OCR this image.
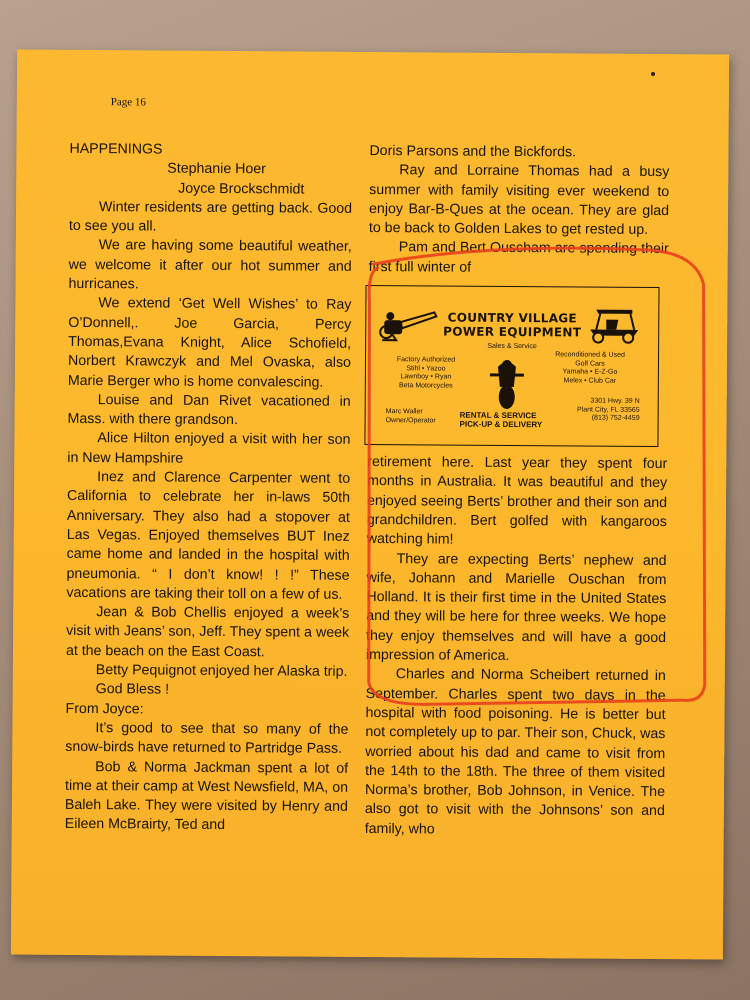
Page 16

HAPPENINGS

Stephanie Hoer
Joyce Brockschmidt

Winter residents are getting back. Good to see you all.

We are having some beautiful weather, we welcome it after our hot summer and hurricanes.

We extend ‘Get Well Wishes’ to Ray O’Donnell,. Joe Garcia, Percy Thomas,Evana Knight, Alice Schofield, Norbert Krawczyk and Mel Ovaska, also Marie Berger who is home convalescing.

Louise and Dan Rivet vacationed in Mass. with there grandson.

Alice Hilton enjoyed a visit with her son in New Hampshire

Inez and Clarence Carpenter went to California to celebrate her in-laws 50th Anniversary. They also had a stopover at Las Vegas. Enjoyed themselves BUT Inez came home and landed in the hospital with pneumonia. “ I don’t know! ! !” These vacations are taking their toll on a few of us.

Jean & Bob Chellis enjoyed a week’s visit with Jeans’ son, Jeff. They spent a week at the beach on the East Coast.

Betty Pequignot enjoyed her Alaska trip.

God Bless !

From Joyce:

It’s good to see that so many of the snow-birds have returned to Partridge Pass.

Bob & Norma Jackman spent a lot of time at their camp at West Newsfield, MA, on Baleh Lake. They were visited by Henry and Eileen McBrairty, Ted and

Doris Parsons and the Bickfords.

Ray and Lorraine Thomas had a busy summer with family visiting ever weekend to enjoy Bar-B-Ques at the ocean. They are glad to be back to Golden Lakes to get rested up.

Pam and Bert Ouscham are spending their first full winter of

COUNTRY VILLAGE
POWER EQUIPMENT
Sales & Service
Factory Authorized
Stihl • Yazoo
Lawnboy • Ryan
Beta Motorcycles
Reconditioned & Used
Golf Cars
Yamaha • E-Z-Go
Melex • Club Car
Marc Waller
Owner/Operator
RENTAL & SERVICE
PICK-UP & DELIVERY
3301 Hwy. 39 N
Plant City, FL 33565
(813) 752-4459

retirement here. Last year they spent four months in Australia. It was beautiful and they enjoyed seeing Berts’ brother and their son and grandchildren. Bert golfed with kangaroos watching him!

They are expecting Berts’ nephew and wife, Johann and Marielle Ouschan from Holland. It is their first time in the United States and they will be here for three weeks. We hope they enjoy themselves and will have a good impression of America.

Charles and Norma Scheibert returned in September. Charles spent two days in the hospital with food poisoning. He is better but not completely up to par. Their son, Chuck, was worried about his dad and came to visit from the 14th to the 18th. The three of them visited Norma’s brother, Bob Johnson, in Venice. The also got to visit with the Johnsons’ son and family, who
